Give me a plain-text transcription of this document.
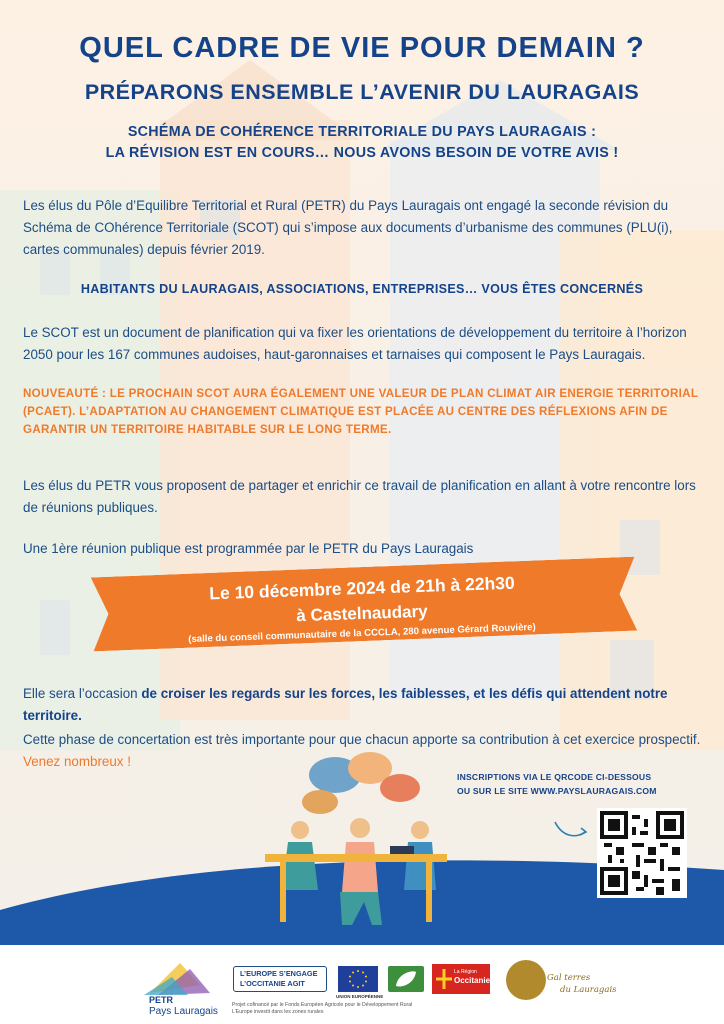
QUEL CADRE DE VIE POUR DEMAIN ?
PRÉPARONS ENSEMBLE L’AVENIR DU LAURAGAIS
SCHÉMA DE COHÉRENCE TERRITORIALE DU PAYS LAURAGAIS :
LA RÉVISION EST EN COURS… NOUS AVONS BESOIN DE VOTRE AVIS !
Les élus du Pôle d’Equilibre Territorial et Rural (PETR) du Pays Lauragais ont engagé la seconde révision du Schéma de COhérence Territoriale (SCOT) qui s’impose aux documents d’urbanisme des communes (PLU(i), cartes communales) depuis février 2019.
HABITANTS DU LAURAGAIS, ASSOCIATIONS, ENTREPRISES… VOUS ÊTES CONCERNÉS
Le SCOT est un document de planification qui va fixer les orientations de développement du territoire à l’horizon 2050 pour les 167 communes audoises, haut-garonnaises et tarnaises qui composent le Pays Lauragais.
NOUVEAUTÉ : LE PROCHAIN SCOT AURA ÉGALEMENT UNE VALEUR DE PLAN CLIMAT AIR ENERGIE TERRITORIAL (PCAET). L’ADAPTATION AU CHANGEMENT CLIMATIQUE EST PLACÉE AU CENTRE DES RÉFLEXIONS AFIN DE GARANTIR UN TERRITOIRE HABITABLE SUR LE LONG TERME.
Les élus du PETR vous proposent de partager et enrichir ce travail de planification en allant à votre rencontre lors de réunions publiques.
Une 1ère réunion publique est programmée par le PETR du Pays Lauragais
Le 10 décembre 2024 de 21h à 22h30
à Castelnaudary
(salle du conseil communautaire de la CCCLA, 280 avenue Gérard Rouvière)
Elle sera l’occasion de croiser les regards sur les forces, les faiblesses, et les défis qui attendent notre territoire.
Cette phase de concertation est très importante pour que chacun apporte sa contribution à cet exercice prospectif.
Venez nombreux !
INSCRIPTIONS VIA LE QRCODE CI-DESSOUS
OU SUR LE SITE WWW.PAYSLAURAGAIS.COM
PETR
Pays Lauragais
L’EUROPE S’ENGAGE
L’OCCITANIE AGIT
UNION EUROPÉENNE
La Région
Occitanie	Gal terres
du Lauragais
Projet cofinancé par le Fonds Européen Agricole pour le Développement Rural
L’Europe investit dans les zones rurales
